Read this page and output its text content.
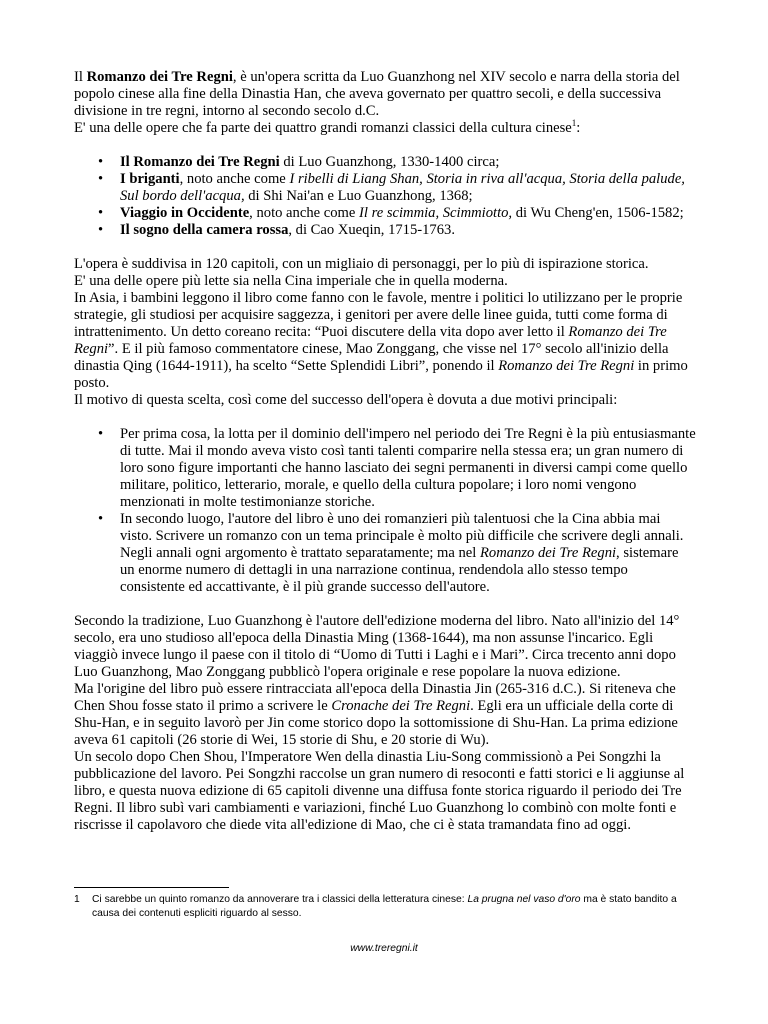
Il Romanzo dei Tre Regni, è un'opera scritta da Luo Guanzhong nel XIV secolo e narra della storia del popolo cinese alla fine della Dinastia Han, che aveva governato per quattro secoli, e della successiva divisione in tre regni, intorno al secondo secolo d.C.

E' una delle opere che fa parte dei quattro grandi romanzi classici della cultura cinese$^1$:

• Il Romanzo dei Tre Regni di Luo Guanzhong, 1330-1400 circa;
• I briganti, noto anche come I ribelli di Liang Shan, Storia in riva all'acqua, Storia della palude, Sul bordo dell'acqua, di Shi Nai'an e Luo Guanzhong, 1368;
• Viaggio in Occidente, noto anche come Il re scimmia, Scimmiotto, di Wu Cheng'en, 1506-1582;
• Il sogno della camera rossa, di Cao Xueqin, 1715-1763.

L'opera è suddivisa in 120 capitoli, con un migliaio di personaggi, per lo più di ispirazione storica.

E' una delle opere più lette sia nella Cina imperiale che in quella moderna.

In Asia, i bambini leggono il libro come fanno con le favole, mentre i politici lo utilizzano per le proprie strategie, gli studiosi per acquisire saggezza, i genitori per avere delle linee guida, tutti come forma di intrattenimento. Un detto coreano recita: “Puoi discutere della vita dopo aver letto il Romanzo dei Tre Regni”. E il più famoso commentatore cinese, Mao Zonggang, che visse nel 17° secolo all'inizio della dinastia Qing (1644-1911), ha scelto “Sette Splendidi Libri”, ponendo il Romanzo dei Tre Regni in primo posto.

Il motivo di questa scelta, così come del successo dell'opera è dovuta a due motivi principali:

• Per prima cosa, la lotta per il dominio dell'impero nel periodo dei Tre Regni è la più entusiasmante di tutte. Mai il mondo aveva visto così tanti talenti comparire nella stessa era; un gran numero di loro sono figure importanti che hanno lasciato dei segni permanenti in diversi campi come quello militare, politico, letterario, morale, e quello della cultura popolare; i loro nomi vengono menzionati in molte testimonianze storiche.
• In secondo luogo, l'autore del libro è uno dei romanzieri più talentuosi che la Cina abbia mai visto. Scrivere un romanzo con un tema principale è molto più difficile che scrivere degli annali. Negli annali ogni argomento è trattato separatamente; ma nel Romanzo dei Tre Regni, sistemare un enorme numero di dettagli in una narrazione continua, rendendola allo stesso tempo consistente ed accattivante, è il più grande successo dell'autore.

Secondo la tradizione, Luo Guanzhong è l'autore dell'edizione moderna del libro. Nato all'inizio del 14° secolo, era uno studioso all'epoca della Dinastia Ming (1368-1644), ma non assunse l'incarico. Egli viaggiò invece lungo il paese con il titolo di “Uomo di Tutti i Laghi e i Mari”. Circa trecento anni dopo Luo Guanzhong, Mao Zonggang pubblicò l'opera originale e rese popolare la nuova edizione.

Ma l'origine del libro può essere rintracciata all'epoca della Dinastia Jin (265-316 d.C.). Si riteneva che Chen Shou fosse stato il primo a scrivere le Cronache dei Tre Regni. Egli era un ufficiale della corte di Shu-Han, e in seguito lavorò per Jin come storico dopo la sottomissione di Shu-Han. La prima edizione aveva 61 capitoli (26 storie di Wei, 15 storie di Shu, e 20 storie di Wu).

Un secolo dopo Chen Shou, l'Imperatore Wen della dinastia Liu-Song commissionò a Pei Songzhi la pubblicazione del lavoro. Pei Songzhi raccolse un gran numero di resoconti e fatti storici e li aggiunse al libro, e questa nuova edizione di 65 capitoli divenne una diffusa fonte storica riguardo il periodo dei Tre Regni. Il libro subì vari cambiamenti e variazioni, finché Luo Guanzhong lo combinò con molte fonti e riscrisse il capolavoro che diede vita all'edizione di Mao, che ci è stata tramandata fino ad oggi.

1	Ci sarebbe un quinto romanzo da annoverare tra i classici della letteratura cinese: La prugna nel vaso d'oro ma è stato bandito a causa dei contenuti espliciti riguardo al sesso.
www.treregni.it
